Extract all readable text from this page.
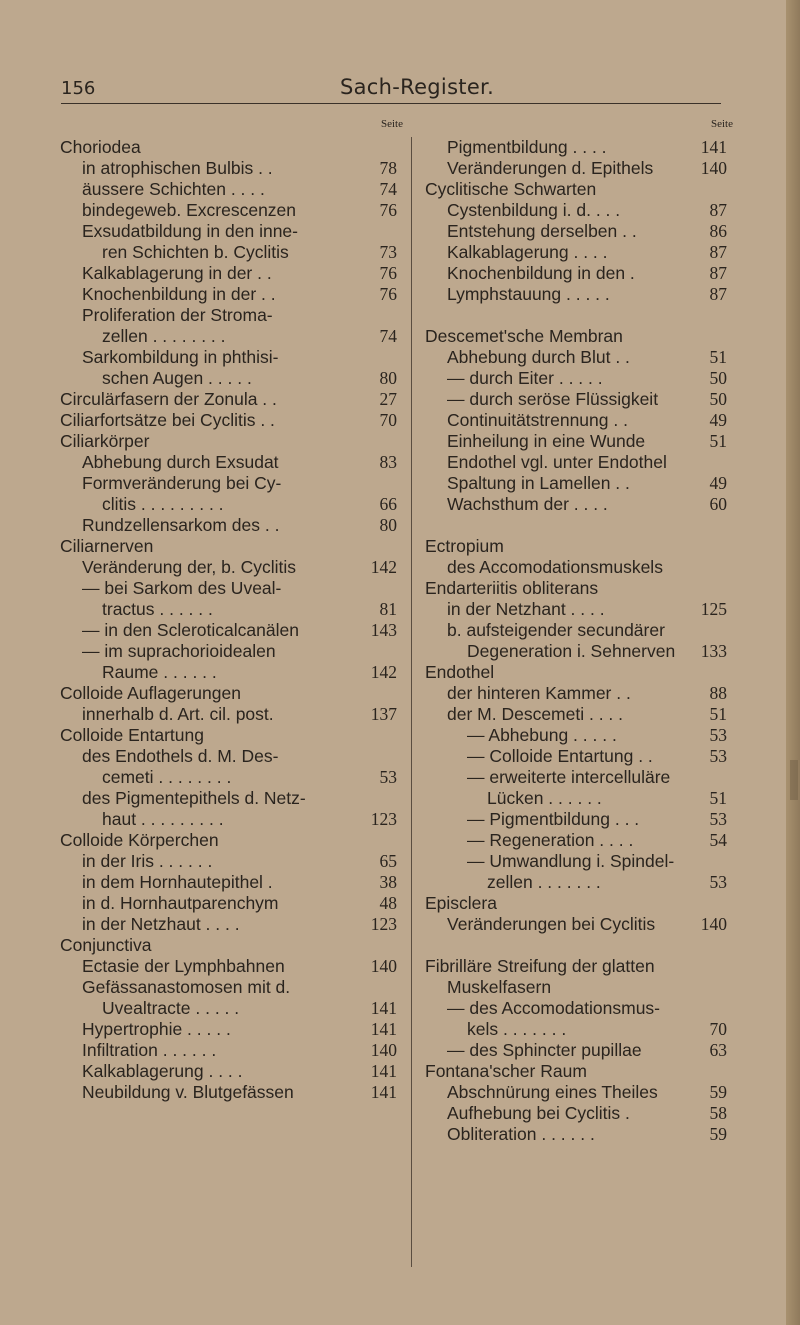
156	Sach-Register.
Seite
Choriodea
in atrophischen Bulbis . .	78
äussere Schichten . . . .	74
bindegeweb. Excrescenzen	76
Exsudatbildung in den inne-
ren Schichten b. Cyclitis	73
Kalkablagerung in der . .	76
Knochenbildung in der . .	76
Proliferation der Stroma-
zellen . . . . . . . .	74
Sarkombildung in phthisi-
schen Augen . . . . .	80
Circulärfasern der Zonula . .	27
Ciliarfortsätze bei Cyclitis . .	70
Ciliarkörper
Abhebung durch Exsudat	83
Formveränderung bei Cy-
clitis . . . . . . . . .	66
Rundzellensarkom des . .	80
Ciliarnerven
Veränderung der, b. Cyclitis	142
— bei Sarkom des Uveal-
tractus . . . . . .	81
— in den Scleroticalcanälen	143
— im suprachorioidealen
Raume . . . . . .	142
Colloide Auflagerungen
innerhalb d. Art. cil. post.	137
Colloide Entartung
des Endothels d. M. Des-
cemeti . . . . . . . .	53
des Pigmentepithels d. Netz-
haut . . . . . . . . .	123
Colloide Körperchen
in der Iris . . . . . .	65
in dem Hornhautepithel .	38
in d. Hornhautparenchym	48
in der Netzhaut . . . .	123
Conjunctiva
Ectasie der Lymphbahnen	140
Gefässanastomosen mit d.
Uvealtracte . . . . .	141
Hypertrophie . . . . .	141
Infiltration . . . . . .	140
Kalkablagerung . . . .	141
Neubildung v. Blutgefässen	141
Seite
Pigmentbildung . . . .	141
Veränderungen d. Epithels	140
Cyclitische Schwarten
Cystenbildung i. d. . . .	87
Entstehung derselben . .	86
Kalkablagerung . . . .	87
Knochenbildung in den .	87
Lymphstauung . . . . .	87
Descemet'sche Membran
Abhebung durch Blut . .	51
— durch Eiter . . . . .	50
— durch seröse Flüssigkeit	50
Continuitätstrennung . .	49
Einheilung in eine Wunde	51
Endothel vgl. unter Endothel
Spaltung in Lamellen . .	49
Wachsthum der . . . .	60
Ectropium
des Accomodationsmuskels
Endarteriitis obliterans
in der Netzhant . . . .	125
b. aufsteigender secundärer
Degeneration i. Sehnerven 133
Endothel
der hinteren Kammer . .	88
der M. Descemeti . . . .	51
— Abhebung . . . . .	53
— Colloide Entartung . .	53
— erweiterte intercelluläre
Lücken . . . . . .	51
— Pigmentbildung . . .	53
— Regeneration . . . .	54
— Umwandlung i. Spindel-
zellen . . . . . . .	53
Episclera
Veränderungen bei Cyclitis	140
Fibrilläre Streifung der glatten
Muskelfasern
— des Accomodationsmus-
kels . . . . . . .	70
— des Sphincter pupillae	63
Fontana'scher Raum
Abschnürung eines Theiles	59
Aufhebung bei Cyclitis .	58
Obliteration . . . . . .	59
